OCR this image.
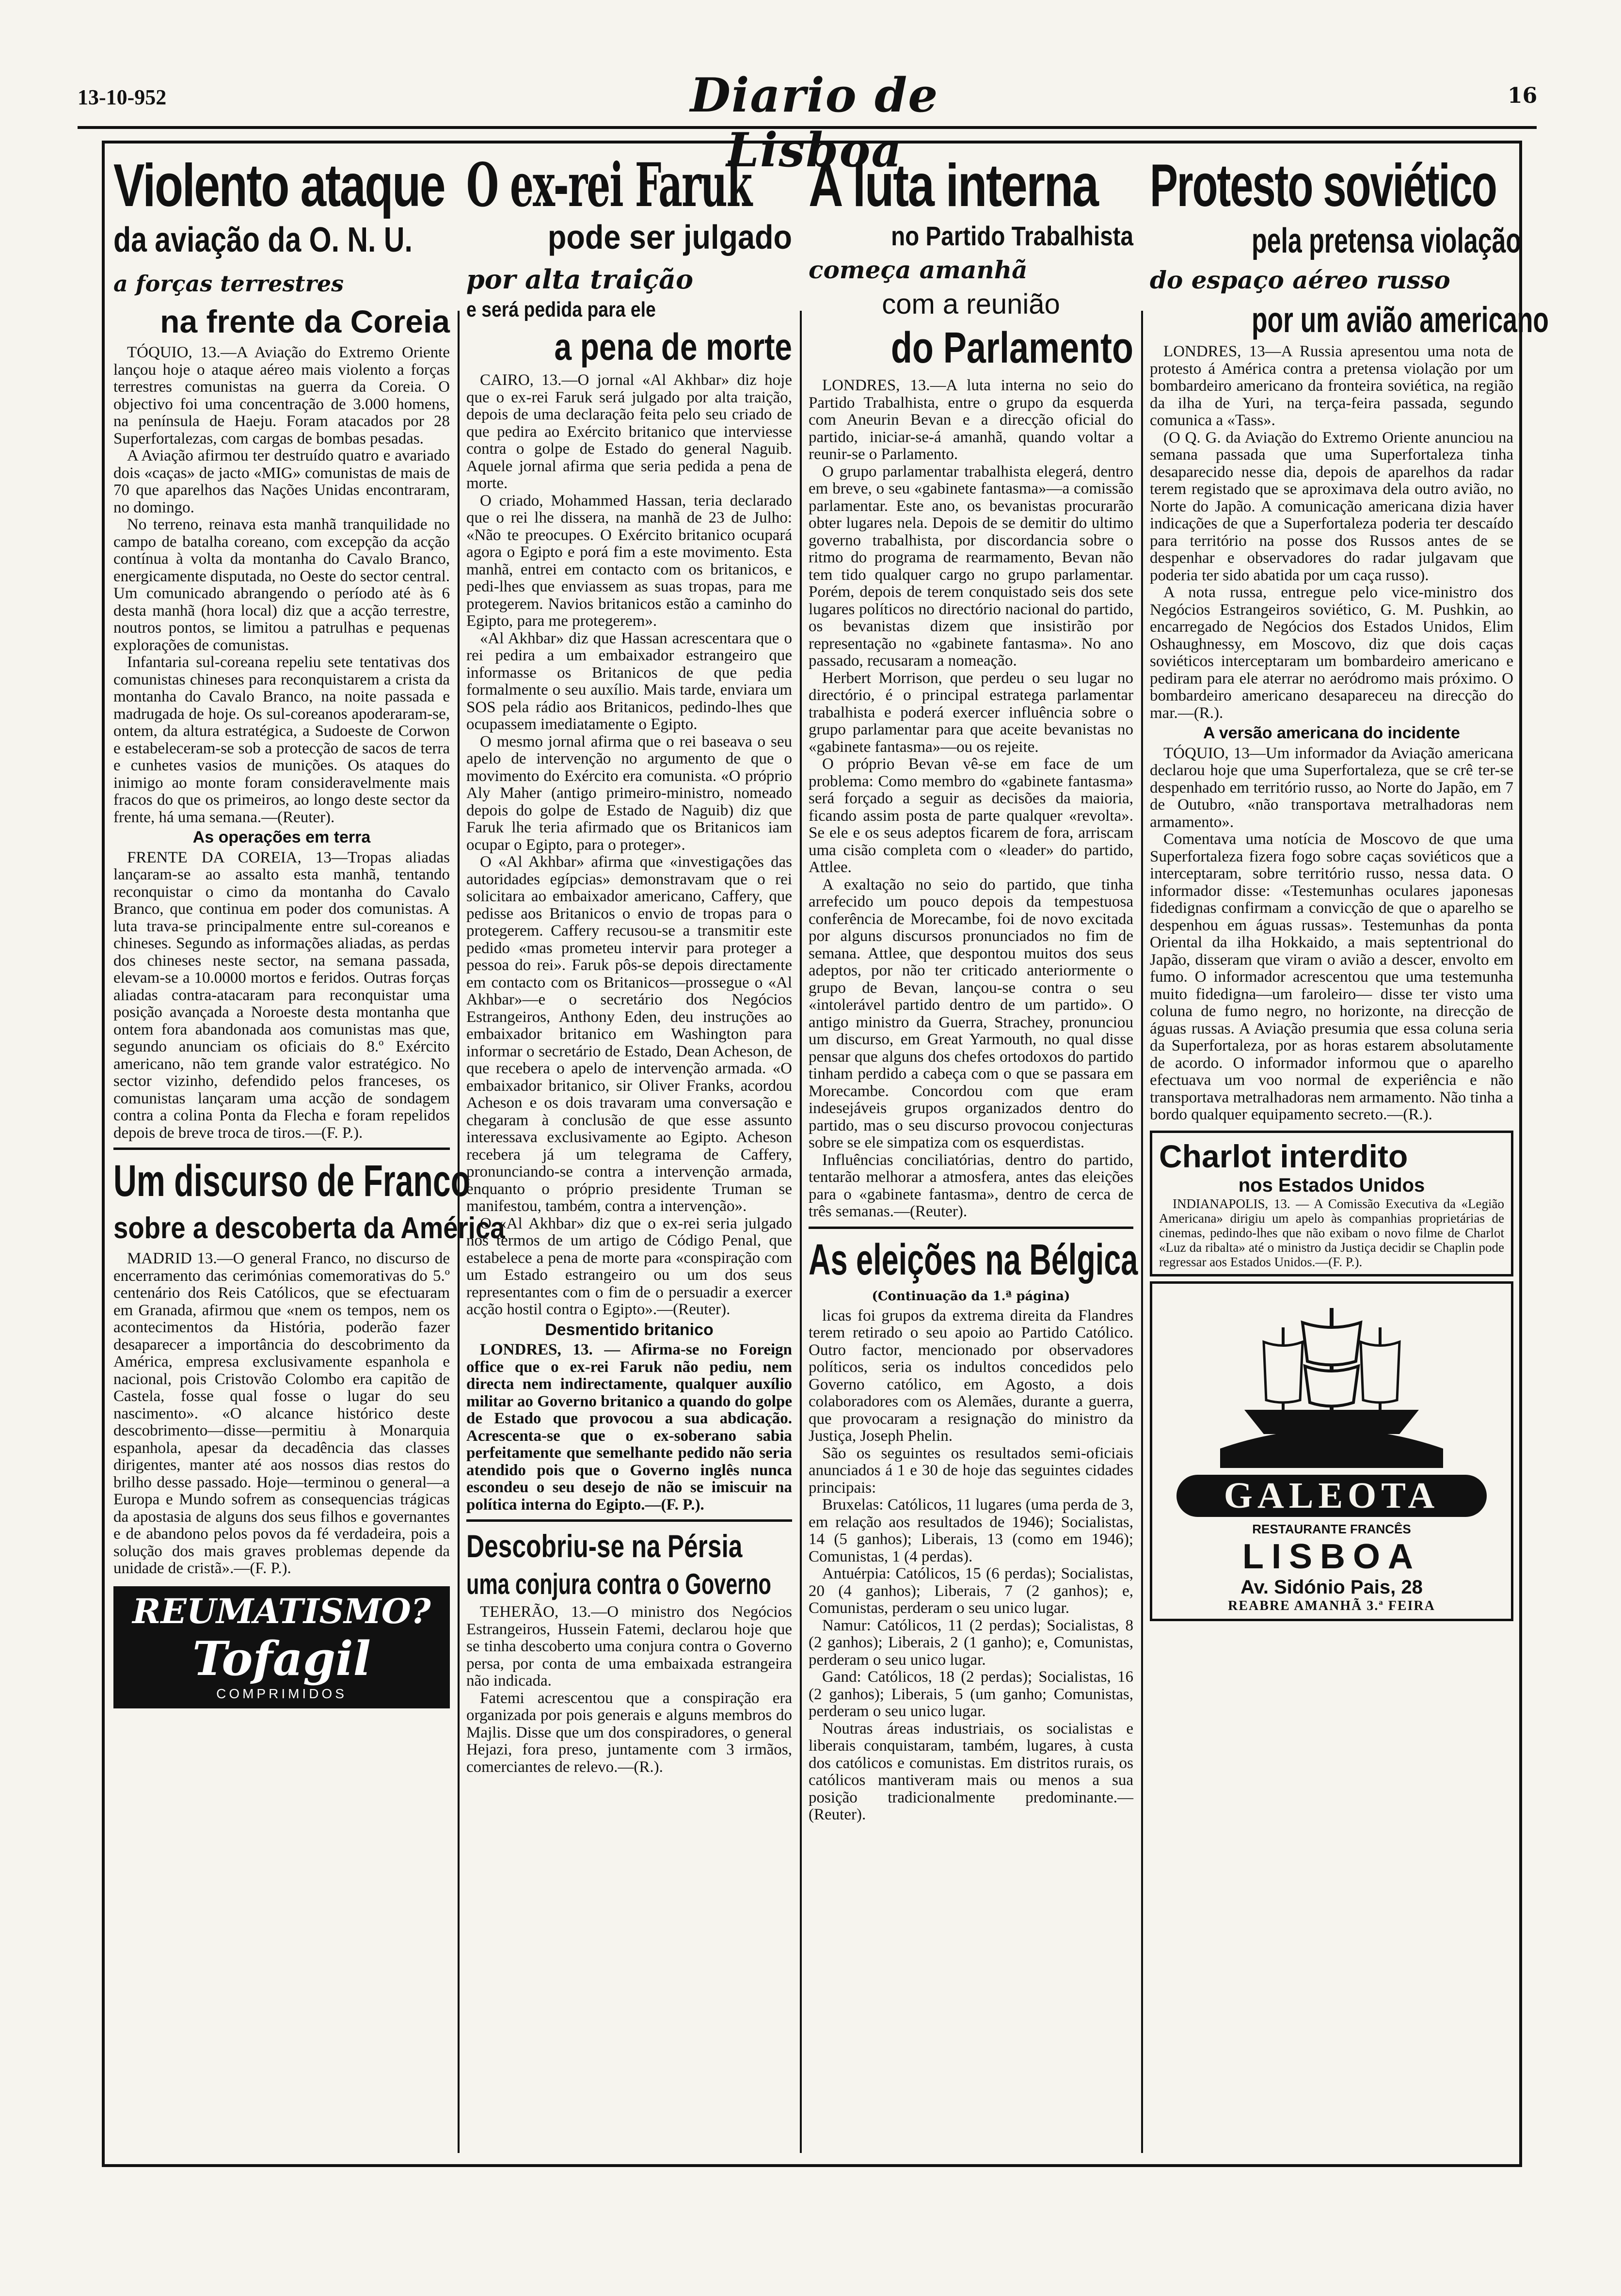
13-10-952	Diario de Lisboa
16
Violento ataque
da aviação da O. N. U.
a forças terrestres
na frente da Coreia

TÓQUIO, 13.—A Aviação do Extremo Oriente lançou hoje o ataque aéreo mais violento a forças terrestres comunistas na guerra da Coreia. O objectivo foi uma concentração de 3.000 homens, na península de Haeju. Foram atacados por 28 Superfortalezas, com cargas de bombas pesadas.

A Aviação afirmou ter destruído quatro e avariado dois «caças» de jacto «MIG» comunistas de mais de 70 que aparelhos das Nações Unidas encontraram, no domingo.

No terreno, reinava esta manhã tranquilidade no campo de batalha coreano, com excepção da acção contínua à volta da montanha do Cavalo Branco, energicamente disputada, no Oeste do sector central. Um comunicado abrangendo o período até às 6 desta manhã (hora local) diz que a acção terrestre, noutros pontos, se limitou a patrulhas e pequenas explorações de comunistas.

Infantaria sul-coreana repeliu sete tentativas dos comunistas chineses para reconquistarem a crista da montanha do Cavalo Branco, na noite passada e madrugada de hoje. Os sul-coreanos apoderaram-se, ontem, da altura estratégica, a Sudoeste de Corwon e estabeleceram-se sob a protecção de sacos de terra e cunhetes vasios de munições. Os ataques do inimigo ao monte foram consideravelmente mais fracos do que os primeiros, ao longo deste sector da frente, há uma semana.—(Reuter).

As operações em terra

FRENTE DA COREIA, 13—Tropas aliadas lançaram-se ao assalto esta manhã, tentando reconquistar o cimo da montanha do Cavalo Branco, que continua em poder dos comunistas. A luta trava-se principalmente entre sul-coreanos e chineses. Segundo as informações aliadas, as perdas dos chineses neste sector, na semana passada, elevam-se a 10.0000 mortos e feridos. Outras forças aliadas contra-atacaram para reconquistar uma posição avançada a Noroeste desta montanha que ontem fora abandonada aos comunistas mas que, segundo anunciam os oficiais do 8.º Exército americano, não tem grande valor estratégico. No sector vizinho, defendido pelos franceses, os comunistas lançaram uma acção de sondagem contra a colina Ponta da Flecha e foram repelidos depois de breve troca de tiros.—(F. P.).

Um discurso de Franco
sobre a descoberta da América

MADRID 13.—O general Franco, no discurso de encerramento das cerimónias comemorativas do 5.º centenário dos Reis Católicos, que se efectuaram em Granada, afirmou que «nem os tempos, nem os acontecimentos da História, poderão fazer desaparecer a importância do descobrimento da América, empresa exclusivamente espanhola e nacional, pois Cristovão Colombo era capitão de Castela, fosse qual fosse o lugar do seu nascimento». «O alcance histórico deste descobrimento—disse—permitiu à Monarquia espanhola, apesar da decadência das classes dirigentes, manter até aos nossos dias restos do brilho desse passado. Hoje—terminou o general—a Europa e Mundo sofrem as consequencias trágicas da apostasia de alguns dos seus filhos e governantes e de abandono pelos povos da fé verdadeira, pois a solução dos mais graves problemas depende da unidade de cristã».—(F. P.).

REUMATISMO?
Tofagil
COMPRIMIDOS
O ex-rei Faruk
pode ser julgado
por alta traição
e será pedida para ele
a pena de morte

CAIRO, 13.—O jornal «Al Akhbar» diz hoje que o ex-rei Faruk será julgado por alta traição, depois de uma declaração feita pelo seu criado de que pedira ao Exército britanico que interviesse contra o golpe de Estado do general Naguib. Aquele jornal afirma que seria pedida a pena de morte.

O criado, Mohammed Hassan, teria declarado que o rei lhe dissera, na manhã de 23 de Julho: «Não te preocupes. O Exército britanico ocupará agora o Egipto e porá fim a este movimento. Esta manhã, entrei em contacto com os britanicos, e pedi-lhes que enviassem as suas tropas, para me protegerem. Navios britanicos estão a caminho do Egipto, para me protegerem».

«Al Akhbar» diz que Hassan acrescentara que o rei pedira a um embaixador estrangeiro que informasse os Britanicos de que pedia formalmente o seu auxílio. Mais tarde, enviara um SOS pela rádio aos Britanicos, pedindo-lhes que ocupassem imediatamente o Egipto.

O mesmo jornal afirma que o rei baseava o seu apelo de intervenção no argumento de que o movimento do Exército era comunista. «O próprio Aly Maher (antigo primeiro-ministro, nomeado depois do golpe de Estado de Naguib) diz que Faruk lhe teria afirmado que os Britanicos iam ocupar o Egipto, para o proteger».

O «Al Akhbar» afirma que «investigações das autoridades egípcias» demonstravam que o rei solicitara ao embaixador americano, Caffery, que pedisse aos Britanicos o envio de tropas para o protegerem. Caffery recusou-se a transmitir este pedido «mas prometeu intervir para proteger a pessoa do rei». Faruk pôs-se depois directamente em contacto com os Britanicos—prossegue o «Al Akhbar»—e o secretário dos Negócios Estrangeiros, Anthony Eden, deu instruções ao embaixador britanico em Washington para informar o secretário de Estado, Dean Acheson, de que recebera o apelo de intervenção armada. «O embaixador britanico, sir Oliver Franks, acordou Acheson e os dois travaram uma conversação e chegaram à conclusão de que esse assunto interessava exclusivamente ao Egipto. Acheson recebera já um telegrama de Caffery, pronunciando-se contra a intervenção armada, enquanto o próprio presidente Truman se manifestou, também, contra a intervenção».

O «Al Akhbar» diz que o ex-rei seria julgado nos termos de um artigo de Código Penal, que estabelece a pena de morte para «conspiração com um Estado estrangeiro ou um dos seus representantes com o fim de o persuadir a exercer acção hostil contra o Egipto».—(Reuter).

Desmentido britanico

LONDRES, 13. — Afirma-se no Foreign office que o ex-rei Faruk não pediu, nem directa nem indirectamente, qualquer auxílio militar ao Governo britanico a quando do golpe de Estado que provocou a sua abdicação. Acrescenta-se que o ex-soberano sabia perfeitamente que semelhante pedido não seria atendido pois que o Governo inglês nunca escondeu o seu desejo de não se imiscuir na política interna do Egipto.—(F. P.).

Descobriu-se na Pérsia
uma conjura contra o Governo

TEHERÃO, 13.—O ministro dos Negócios Estrangeiros, Hussein Fatemi, declarou hoje que se tinha descoberto uma conjura contra o Governo persa, por conta de uma embaixada estrangeira não indicada.

Fatemi acrescentou que a conspiração era organizada por pois generais e alguns membros do Majlis. Disse que um dos conspiradores, o general Hejazi, fora preso, juntamente com 3 irmãos, comerciantes de relevo.—(R.).

A luta interna
no Partido Trabalhista
começa amanhã
com a reunião
do Parlamento

LONDRES, 13.—A luta interna no seio do Partido Trabalhista, entre o grupo da esquerda com Aneurin Bevan e a direcção oficial do partido, iniciar-se-á amanhã, quando voltar a reunir-se o Parlamento.

O grupo parlamentar trabalhista elegerá, dentro em breve, o seu «gabinete fantasma»—a comissão parlamentar. Este ano, os bevanistas procurarão obter lugares nela. Depois de se demitir do ultimo governo trabalhista, por discordancia sobre o ritmo do programa de rearmamento, Bevan não tem tido qualquer cargo no grupo parlamentar. Porém, depois de terem conquistado seis dos sete lugares políticos no directório nacional do partido, os bevanistas dizem que insistirão por representação no «gabinete fantasma». No ano passado, recusaram a nomeação.

Herbert Morrison, que perdeu o seu lugar no directório, é o principal estratega parlamentar trabalhista e poderá exercer influência sobre o grupo parlamentar para que aceite bevanistas no «gabinete fantasma»—ou os rejeite.

O próprio Bevan vê-se em face de um problema: Como membro do «gabinete fantasma» será forçado a seguir as decisões da maioria, ficando assim posta de parte qualquer «revolta». Se ele e os seus adeptos ficarem de fora, arriscam uma cisão completa com o «leader» do partido, Attlee.

A exaltação no seio do partido, que tinha arrefecido um pouco depois da tempestuosa conferência de Morecambe, foi de novo excitada por alguns discursos pronunciados no fim de semana. Attlee, que despontou muitos dos seus adeptos, por não ter criticado anteriormente o grupo de Bevan, lançou-se contra o seu «intolerável partido dentro de um partido». O antigo ministro da Guerra, Strachey, pronunciou um discurso, em Great Yarmouth, no qual disse pensar que alguns dos chefes ortodoxos do partido tinham perdido a cabeça com o que se passara em Morecambe. Concordou com que eram indesejáveis grupos organizados dentro do partido, mas o seu discurso provocou conjecturas sobre se ele simpatiza com os esquerdistas.

Influências conciliatórias, dentro do partido, tentarão melhorar a atmosfera, antes das eleições para o «gabinete fantasma», dentro de cerca de três semanas.—(Reuter).

As eleições na Bélgica
(Continuação da 1.ª página)

licas foi grupos da extrema direita da Flandres terem retirado o seu apoio ao Partido Católico. Outro factor, mencionado por observadores políticos, seria os indultos concedidos pelo Governo católico, em Agosto, a dois colaboradores com os Alemães, durante a guerra, que provocaram a resignação do ministro da Justiça, Joseph Phelin.

São os seguintes os resultados semi-oficiais anunciados á 1 e 30 de hoje das seguintes cidades principais:

Bruxelas: Católicos, 11 lugares (uma perda de 3, em relação aos resultados de 1946); Socialistas, 14 (5 ganhos); Liberais, 13 (como em 1946); Comunistas, 1 (4 perdas).

Antuérpia: Católicos, 15 (6 perdas); Socialistas, 20 (4 ganhos); Liberais, 7 (2 ganhos); e, Comunistas, perderam o seu unico lugar.

Namur: Católicos, 11 (2 perdas); Socialistas, 8 (2 ganhos); Liberais, 2 (1 ganho); e, Comunistas, perderam o seu unico lugar.

Gand: Católicos, 18 (2 perdas); Socialistas, 16 (2 ganhos); Liberais, 5 (um ganho; Comunistas, perderam o seu unico lugar.

Noutras áreas industriais, os socialistas e liberais conquistaram, também, lugares, à custa dos católicos e comunistas. Em distritos rurais, os católicos mantiveram mais ou menos a sua posição tradicionalmente predominante.—(Reuter).

Protesto soviético
pela pretensa violação
do espaço aéreo russo
por um avião americano

LONDRES, 13—A Russia apresentou uma nota de protesto á América contra a pretensa violação por um bombardeiro americano da fronteira soviética, na região da ilha de Yuri, na terça-feira passada, segundo comunica a «Tass».

(O Q. G. da Aviação do Extremo Oriente anunciou na semana passada que uma Superfortaleza tinha desaparecido nesse dia, depois de aparelhos da radar terem registado que se aproximava dela outro avião, no Norte do Japão. A comunicação americana dizia haver indicações de que a Superfortaleza poderia ter descaído para território na posse dos Russos antes de se despenhar e observadores do radar julgavam que poderia ter sido abatida por um caça russo).

A nota russa, entregue pelo vice-ministro dos Negócios Estrangeiros soviético, G. M. Pushkin, ao encarregado de Negócios dos Estados Unidos, Elim Oshaughnessy, em Moscovo, diz que dois caças soviéticos interceptaram um bombardeiro americano e pediram para ele aterrar no aeródromo mais próximo. O bombardeiro americano desapareceu na direcção do mar.—(R.).

A versão americana do incidente

TÓQUIO, 13—Um informador da Aviação americana declarou hoje que uma Superfortaleza, que se crê ter-se despenhado em território russo, ao Norte do Japão, em 7 de Outubro, «não transportava metralhadoras nem armamento».

Comentava uma notícia de Moscovo de que uma Superfortaleza fizera fogo sobre caças soviéticos que a interceptaram, sobre território russo, nessa data. O informador disse: «Testemunhas oculares japonesas fidedignas confirmam a convicção de que o aparelho se despenhou em águas russas». Testemunhas da ponta Oriental da ilha Hokkaido, a mais septentrional do Japão, disseram que viram o avião a descer, envolto em fumo. O informador acrescentou que uma testemunha muito fidedigna—um faroleiro— disse ter visto uma coluna de fumo negro, no horizonte, na direcção de águas russas. A Aviação presumia que essa coluna seria da Superfortaleza, por as horas estarem absolutamente de acordo. O informador informou que o aparelho efectuava um voo normal de experiência e não transportava metralhadoras nem armamento. Não tinha a bordo qualquer equipamento secreto.—(R.).

Charlot interdito
nos Estados Unidos

INDIANAPOLIS, 13. — A Comissão Executiva da «Legião Americana» dirigiu um apelo às companhias proprietárias de cinemas, pedindo-lhes que não exibam o novo filme de Charlot «Luz da ribalta» até o ministro da Justiça decidir se Chaplin pode regressar aos Estados Unidos.—(F. P.).

GALEOTA
RESTAURANTE FRANCÊS
LISBOA
Av. Sidónio Pais, 28
REABRE AMANHÃ 3.ª FEIRA
